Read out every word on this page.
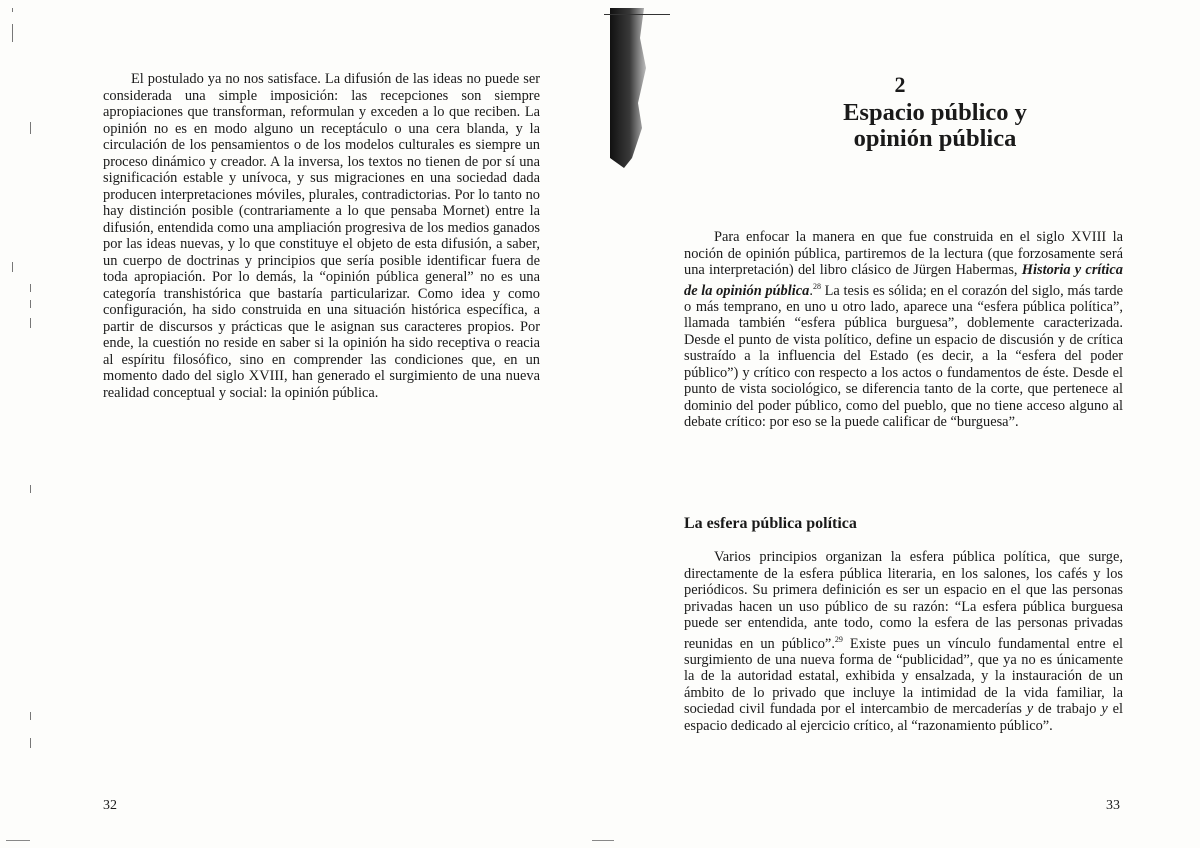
El postulado ya no nos satisface. La difusión de las ideas no puede ser considerada una simple imposición: las recepciones son siempre apropiaciones que transforman, reformulan y exceden a lo que reciben. La opinión no es en modo alguno un receptáculo o una cera blanda, y la circulación de los pensamientos o de los modelos culturales es siempre un proceso dinámico y creador. A la inversa, los textos no tienen de por sí una significación estable y unívoca, y sus migraciones en una sociedad dada producen interpretaciones móviles, plurales, contradictorias. Por lo tanto no hay distinción posible (contrariamente a lo que pensaba Mornet) entre la difusión, entendida como una ampliación progresiva de los medios ganados por las ideas nuevas, y lo que constituye el objeto de esta difusión, a saber, un cuerpo de doctrinas y principios que sería posible identificar fuera de toda apropiación. Por lo demás, la “opinión pública general” no es una categoría transhistórica que bastaría particularizar. Como idea y como configuración, ha sido construida en una situación histórica específica, a partir de discursos y prácticas que le asignan sus caracteres propios. Por ende, la cuestión no reside en saber si la opinión ha sido receptiva o reacia al espíritu filosófico, sino en comprender las condiciones que, en un momento dado del siglo XVIII, han generado el surgimiento de una nueva realidad conceptual y social: la opinión pública.

32
2
Espacio público y
opinión pública

Para enfocar la manera en que fue construida en el siglo XVIII la noción de opinión pública, partiremos de la lectura (que forzosamente será una interpretación) del libro clásico de Jürgen Habermas, Historia y crítica de la opinión pública.$^{28}$ La tesis es sólida; en el corazón del siglo, más tarde o más temprano, en uno u otro lado, aparece una “esfera pública política”, llamada también “esfera pública burguesa”, doblemente caracterizada. Desde el punto de vista político, define un espacio de discusión y de crítica sustraído a la influencia del Estado (es decir, a la “esfera del poder público”) y crítico con respecto a los actos o fundamentos de éste. Desde el punto de vista sociológico, se diferencia tanto de la corte, que pertenece al dominio del poder público, como del pueblo, que no tiene acceso alguno al debate crítico: por eso se la puede calificar de “burguesa”.

La esfera pública política

Varios principios organizan la esfera pública política, que surge, directamente de la esfera pública literaria, en los salones, los cafés y los periódicos. Su primera definición es ser un espacio en el que las personas privadas hacen un uso público de su razón: “La esfera pública burguesa puede ser entendida, ante todo, como la esfera de las personas privadas reunidas en un público”.$^{29}$ Existe pues un vínculo fundamental entre el surgimiento de una nueva forma de “publicidad”, que ya no es únicamente la de la autoridad estatal, exhibida y ensalzada, y la instauración de un ámbito de lo privado que incluye la intimidad de la vida familiar, la sociedad civil fundada por el intercambio de mercaderías y de trabajo y el espacio dedicado al ejercicio crítico, al “razonamiento público”.

33
